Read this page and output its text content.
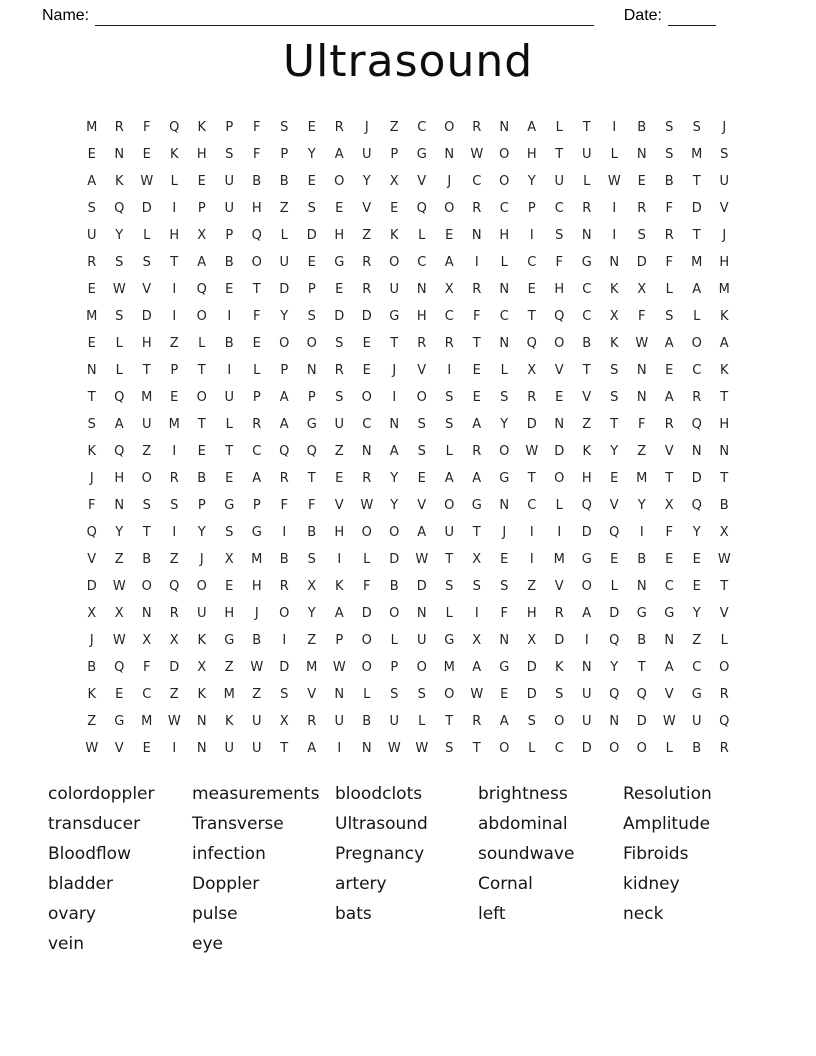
Name:	Date:
Ultrasound
M	R	F	Q	K	P	F	S	E	R	J	Z	C	O	R	N	A	L	T	I	B	S	S	J
E	N	E	K	H	S	F	P	Y	A	U	P	G	N	W	O	H	T	U	L	N	S	M	S
A	K	W	L	E	U	B	B	E	O	Y	X	V	J	C	O	Y	U	L	W	E	B	T	U
S	Q	D	I	P	U	H	Z	S	E	V	E	Q	O	R	C	P	C	R	I	R	F	D	V
U	Y	L	H	X	P	Q	L	D	H	Z	K	L	E	N	H	I	S	N	I	S	R	T	J
R	S	S	T	A	B	O	U	E	G	R	O	C	A	I	L	C	F	G	N	D	F	M	H
E	W	V	I	Q	E	T	D	P	E	R	U	N	X	R	N	E	H	C	K	X	L	A	M
M	S	D	I	O	I	F	Y	S	D	D	G	H	C	F	C	T	Q	C	X	F	S	L	K
E	L	H	Z	L	B	E	O	O	S	E	T	R	R	T	N	Q	O	B	K	W	A	O	A
N	L	T	P	T	I	L	P	N	R	E	J	V	I	E	L	X	V	T	S	N	E	C	K
T	Q	M	E	O	U	P	A	P	S	O	I	O	S	E	S	R	E	V	S	N	A	R	T
S	A	U	M	T	L	R	A	G	U	C	N	S	S	A	Y	D	N	Z	T	F	R	Q	H
K	Q	Z	I	E	T	C	Q	Q	Z	N	A	S	L	R	O	W	D	K	Y	Z	V	N	N
J	H	O	R	B	E	A	R	T	E	R	Y	E	A	A	G	T	O	H	E	M	T	D	T
F	N	S	S	P	G	P	F	F	V	W	Y	V	O	G	N	C	L	Q	V	Y	X	Q	B
Q	Y	T	I	Y	S	G	I	B	H	O	O	A	U	T	J	I	I	D	Q	I	F	Y	X
V	Z	B	Z	J	X	M	B	S	I	L	D	W	T	X	E	I	M	G	E	B	E	E	W
D	W	O	Q	O	E	H	R	X	K	F	B	D	S	S	S	Z	V	O	L	N	C	E	T
X	X	N	R	U	H	J	O	Y	A	D	O	N	L	I	F	H	R	A	D	G	G	Y	V
J	W	X	X	K	G	B	I	Z	P	O	L	U	G	X	N	X	D	I	Q	B	N	Z	L
B	Q	F	D	X	Z	W	D	M	W	O	P	O	M	A	G	D	K	N	Y	T	A	C	O
K	E	C	Z	K	M	Z	S	V	N	L	S	S	O	W	E	D	S	U	Q	Q	V	G	R
Z	G	M	W	N	K	U	X	R	U	B	U	L	T	R	A	S	O	U	N	D	W	U	Q
W	V	E	I	N	U	U	T	A	I	N	W	W	S	T	O	L	C	D	O	O	L	B	R
colordoppler
transducer
Bloodflow
bladder
ovary
vein
measurements
Transverse
infection
Doppler
pulse
eye
bloodclots
Ultrasound
Pregnancy
artery
bats
brightness
abdominal
soundwave
Cornal
left
Resolution
Amplitude
Fibroids
kidney
neck
